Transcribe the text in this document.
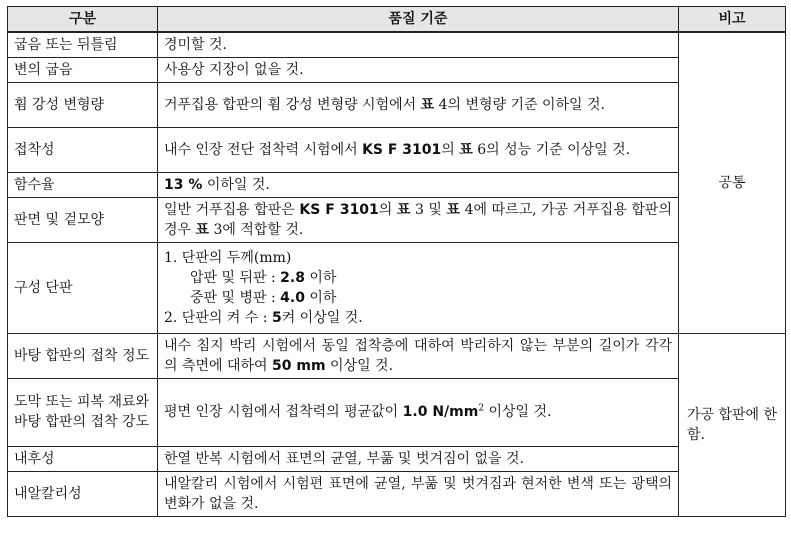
구분	품질 기준	비고
굽음 또는 뒤틀림	경미할 것.	공통
변의 굽음	사용상 지장이 없을 것.	
휨 강성 변형량	거푸집용 합판의 휨 강성 변형량 시험에서 표 4의 변형량 기준 이하일 것.	
접착성	내수 인장 전단 접착력 시험에서 KS F 3101의 표 6의 성능 기준 이상일 것.	
함수율	13 % 이하일 것.	
판면 및 겉모양	일반 거푸집용 합판은 KS F 3101의 표 3 및 표 4에 따르고, 가공 거푸집용 합판의 경우 표 3에 적합할 것.	
구성 단판	1. 단판의 두께(mm)
압판 및 뒤판 : 2.8 이하
중판 및 병판 : 4.0 이하
2. 단판의 켜 수 : 5켜 이상일 것.	

바탕 합판의 접착 정도	내수 침지 박리 시험에서 동일 접착층에 대하여 박리하지 않는 부분의 길이가 각각의 측면에 대하여 50 mm 이상일 것.	가공 합판에 한함.
도막 또는 피복 재료와 바탕 합판의 접착 강도	평면 인장 시험에서 접착력의 평균값이 1.0 $N/mm^2$ 이상일 것.	
내후성	한열 반복 시험에서 표면의 균열, 부풂 및 벗겨짐이 없을 것.	
내알칼리성	내알칼리 시험에서 시험편 표면에 균열, 부풂 및 벗겨짐과 현저한 변색 또는 광택의 변화가 없을 것.	
